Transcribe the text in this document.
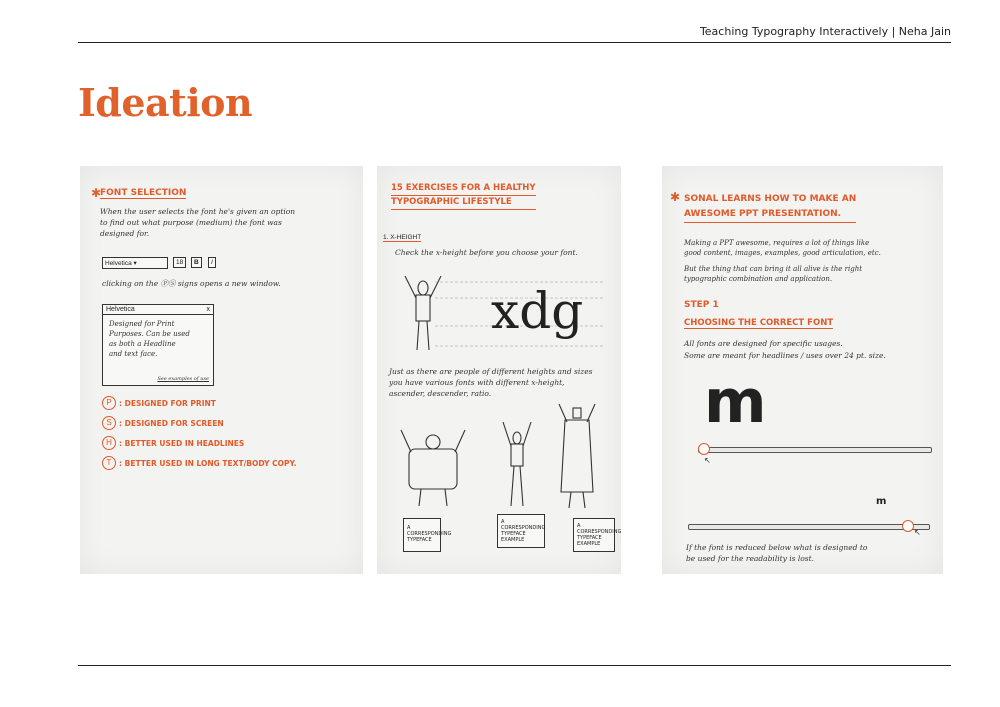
Teaching Typography Interactively | Neha Jain
Ideation
FONT SELECTION
✱
When the user selects the font he's given an option
to find out what purpose (medium) the font was
designed for.
Helvetica ▾	18	B	I
clicking on the ⓅⓈ signs opens a new window.
Helvetica	x
Designed for Print
Purposes. Can be used
as both a Headline
and text face.
See examples of use
P : DESIGNED FOR PRINT
S : DESIGNED FOR SCREEN
H : BETTER USED IN HEADLINES
T	: BETTER USED IN LONG TEXT/BODY COPY.
15 EXERCISES FOR A HEALTHY
TYPOGRAPHIC LIFESTYLE
1. X-HEIGHT
Check the x-height before you choose your font.
xdg
Just as there are people of different heights and sizes
you have various fonts with different x-height,
ascender, descender, ratio.
A CORRESPONDING TYPEFACE
A CORRESPONDING TYPEFACE EXAMPLE
A CORRESPONDING TYPEFACE EXAMPLE
✱ SONAL LEARNS HOW TO MAKE AN
AWESOME PPT PRESENTATION.
Making a PPT awesome, requires a lot of things like
good content, images, examples, good articulation, etc.
But the thing that can bring it all alive is the right
typographic combination and application.
STEP 1
CHOOSING THE CORRECT FONT
All fonts are designed for specific usages.
Some are meant for headlines / uses over 24 pt. size.
m
↖
m
↖
If the font is reduced below what is designed to
be used for the readability is lost.
